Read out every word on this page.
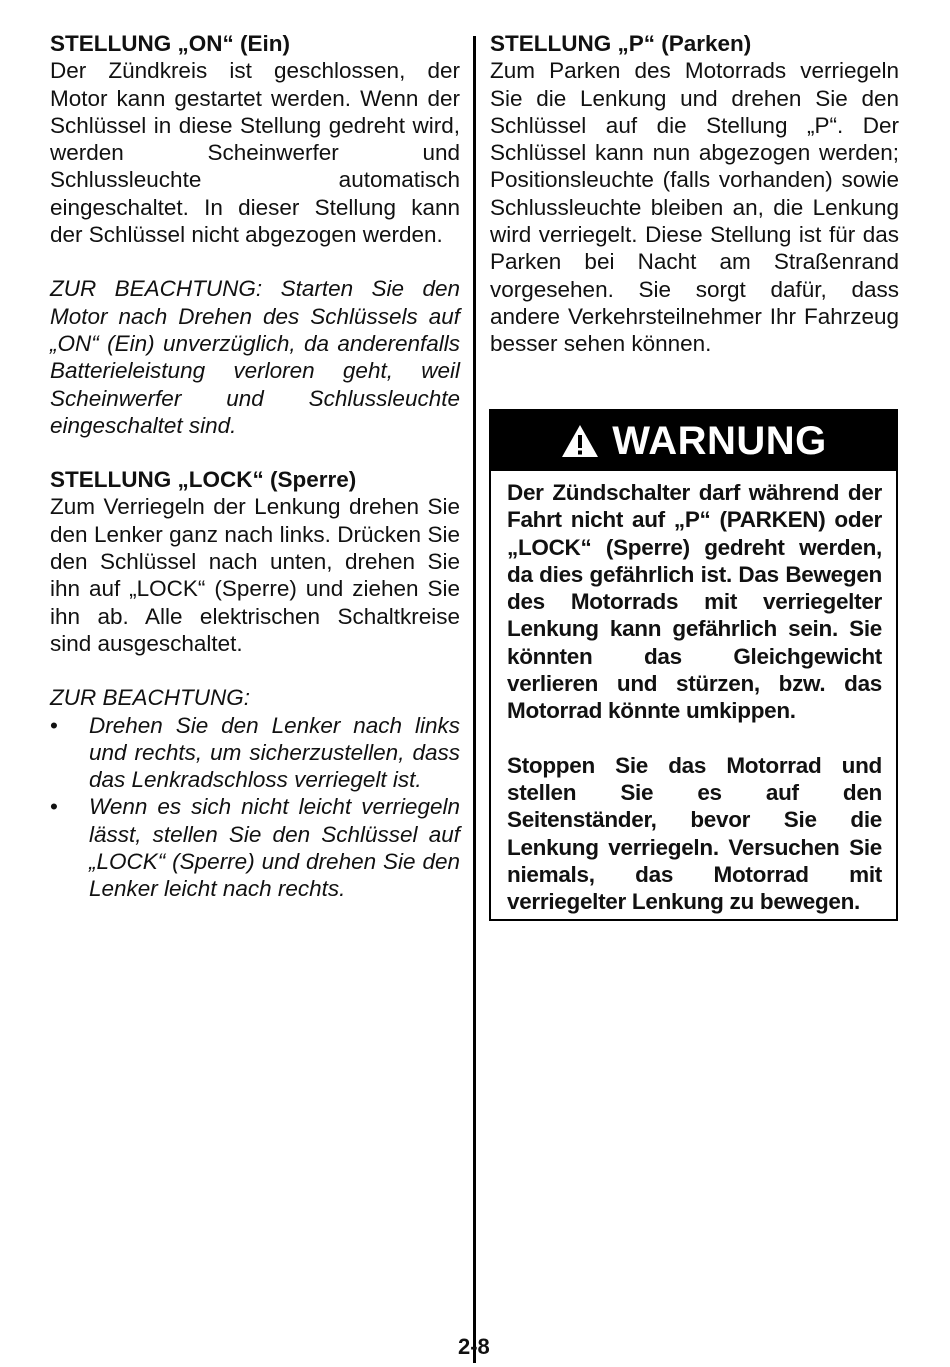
STELLUNG „ON“ (Ein)

Der Zündkreis ist geschlossen, der Motor kann gestartet werden. Wenn der Schlüssel in diese Stellung gedreht wird, werden Scheinwerfer und Schlussleuchte automatisch eingeschaltet. In dieser Stellung kann der Schlüssel nicht abgezogen werden.

ZUR BEACHTUNG: Starten Sie den Motor nach Drehen des Schlüssels auf „ON“ (Ein) unverzüglich, da anderenfalls Batterieleistung verloren geht, weil Scheinwerfer und Schlussleuchte eingeschaltet sind.

STELLUNG „LOCK“ (Sperre)

Zum Verriegeln der Lenkung drehen Sie den Lenker ganz nach links. Drücken Sie den Schlüssel nach unten, drehen Sie ihn auf „LOCK“ (Sperre) und ziehen Sie ihn ab. Alle elektrischen Schaltkreise sind ausgeschaltet.

ZUR BEACHTUNG:

• Drehen Sie den Lenker nach links und rechts, um sicherzustellen, dass das Lenkradschloss verriegelt ist.
• Wenn es sich nicht leicht verriegeln lässt, stellen Sie den Schlüssel auf „LOCK“ (Sperre) und drehen Sie den Lenker leicht nach rechts.
STELLUNG „P“ (Parken)

Zum Parken des Motorrads verriegeln Sie die Lenkung und drehen Sie den Schlüssel auf die Stellung „P“. Der Schlüssel kann nun abgezogen werden; Positionsleuchte (falls vorhanden) sowie Schlussleuchte bleiben an, die Lenkung wird verriegelt. Diese Stellung ist für das Parken bei Nacht am Straßenrand vorgesehen. Sie sorgt dafür, dass andere Verkehrsteilnehmer Ihr Fahrzeug besser sehen können.

WARNUNG

Der Zündschalter darf während der Fahrt nicht auf „P“ (PARKEN) oder „LOCK“ (Sperre) gedreht werden, da dies gefährlich ist. Das Bewegen des Motorrads mit verriegelter Lenkung kann gefährlich sein. Sie könnten das Gleichgewicht verlieren und stürzen, bzw. das Motorrad könnte umkippen.

Stoppen Sie das Motorrad und stellen Sie es auf den Seitenständer, bevor Sie die Lenkung verriegeln. Versuchen Sie niemals, das Motorrad mit verriegelter Lenkung zu bewegen.

2-8
